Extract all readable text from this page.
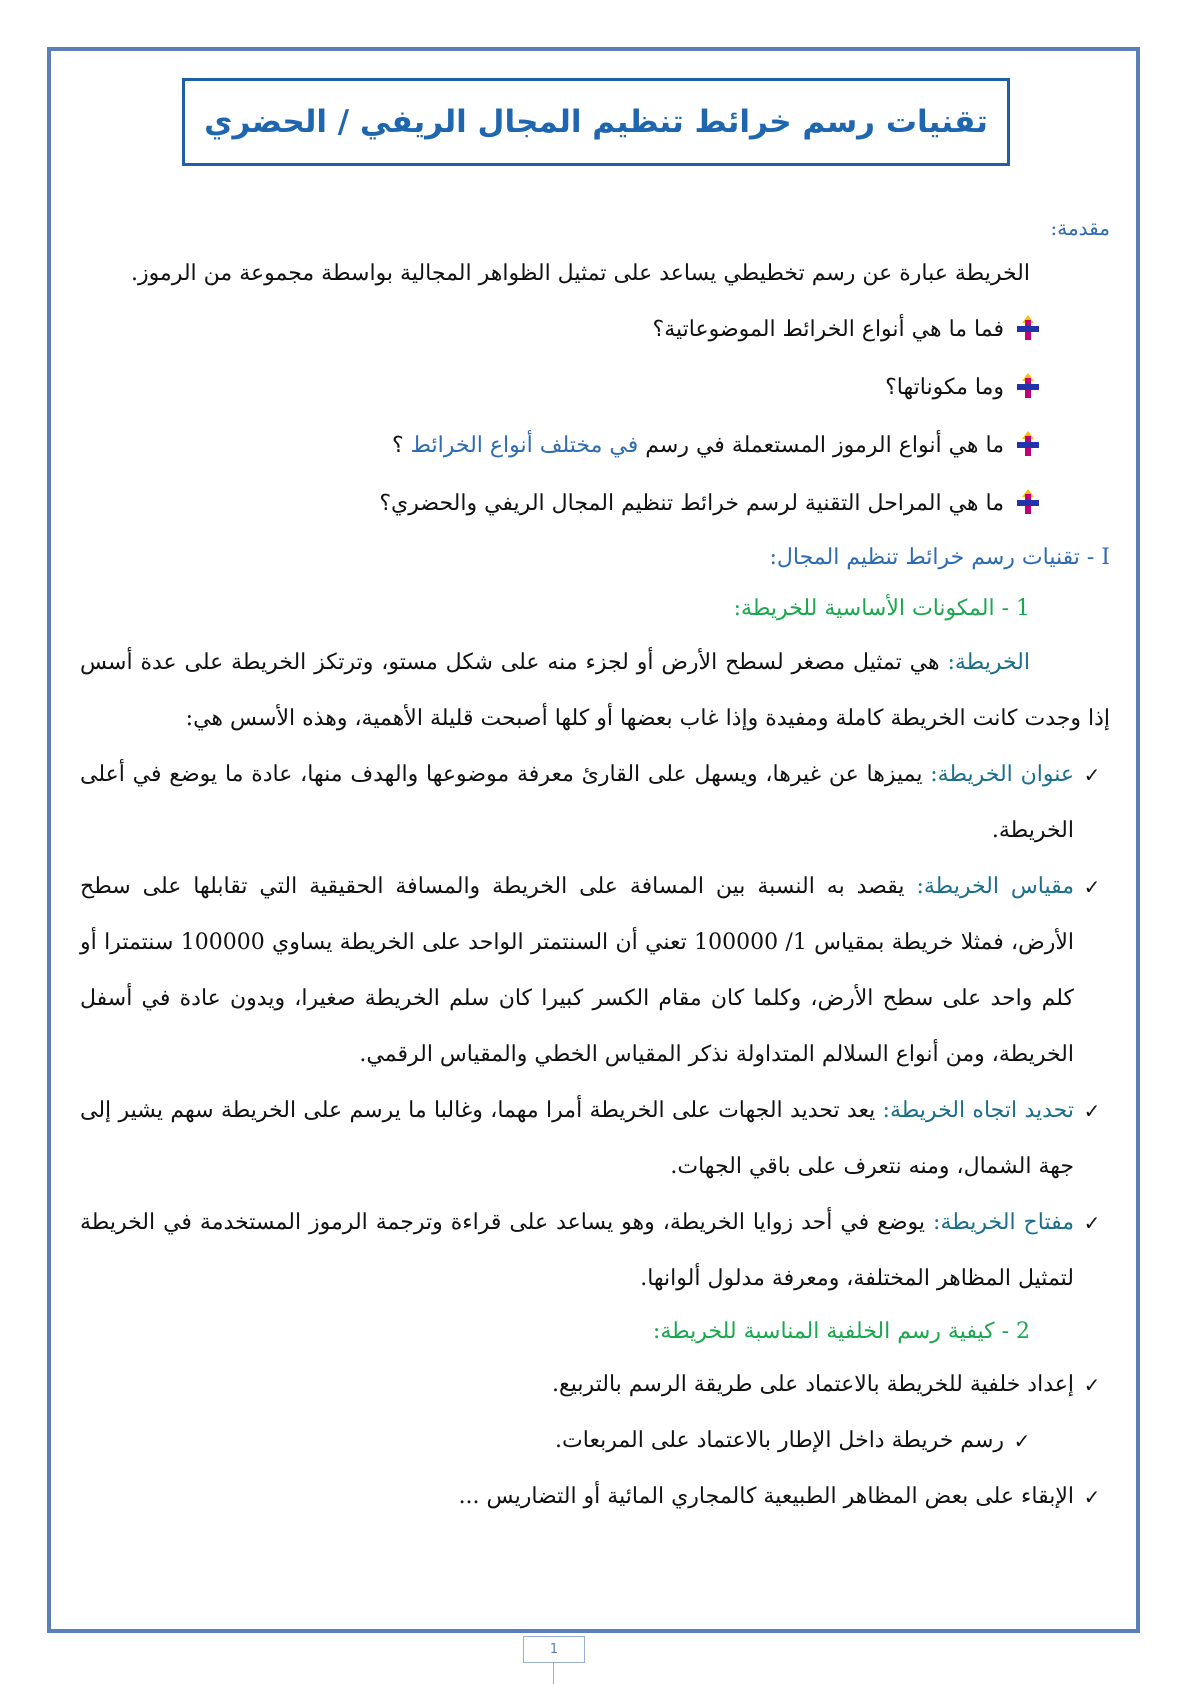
تقنيات رسم خرائط تنظيم المجال الريفي / الحضري
مقدمة:
الخريطة عبارة عن رسم تخطيطي يساعد على تمثيل الظواهر المجالية بواسطة مجموعة من الرموز.
فما ما هي أنواع الخرائط الموضوعاتية؟
وما مكوناتها؟
ما هي أنواع الرموز المستعملة في رسم في مختلف أنواع الخرائط ؟
ما هي المراحل التقنية لرسم خرائط تنظيم المجال الريفي والحضري؟
I - تقنيات رسم خرائط تنظيم المجال:
1 - المكونات الأساسية للخريطة:
الخريطة: هي تمثيل مصغر لسطح الأرض أو لجزء منه على شكل مستو، وترتكز الخريطة على عدة أسس إذا وجدت كانت الخريطة كاملة ومفيدة وإذا غاب بعضها أو كلها أصبحت قليلة الأهمية، وهذه الأسس هي:
✓
عنوان الخريطة: يميزها عن غيرها، ويسهل على القارئ معرفة موضوعها والهدف منها، عادة ما يوضع في أعلى الخريطة.
✓
مقياس الخريطة: يقصد به النسبة بين المسافة على الخريطة والمسافة الحقيقية التي تقابلها على سطح الأرض، فمثلا خريطة بمقياس 1/ 100000 تعني أن السنتمتر الواحد على الخريطة يساوي 100000 سنتمترا أو كلم واحد على سطح الأرض، وكلما كان مقام الكسر كبيرا كان سلم الخريطة صغيرا، ويدون عادة في أسفل الخريطة، ومن أنواع السلالم المتداولة نذكر المقياس الخطي والمقياس الرقمي.
✓
تحديد اتجاه الخريطة: يعد تحديد الجهات على الخريطة أمرا مهما، وغالبا ما يرسم على الخريطة سهم يشير إلى جهة الشمال، ومنه نتعرف على باقي الجهات.
✓
مفتاح الخريطة: يوضع في أحد زوايا الخريطة، وهو يساعد على قراءة وترجمة الرموز المستخدمة في الخريطة لتمثيل المظاهر المختلفة، ومعرفة مدلول ألوانها.
2 - كيفية رسم الخلفية المناسبة للخريطة:
✓
إعداد خلفية للخريطة بالاعتماد على طريقة الرسم بالتربيع.
✓
رسم خريطة داخل الإطار بالاعتماد على المربعات.
✓
الإبقاء على بعض المظاهر الطبيعية كالمجاري المائية أو التضاريس ...
1
